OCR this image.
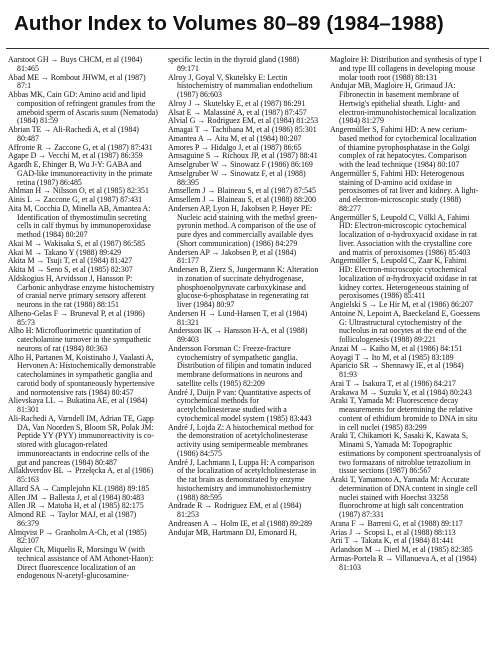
Author Index to Volumes 80–89 (1984–1988)

Aarstoot GH → Buys CHCM, et al (1984) 81:465

Abad ME → Rombout JHWM, et al (1987) 87:1

Abbas MK, Cain GD: Amino acid and lipid composition of refringent granules from the ameboid sperm of Ascaris suum (Nematoda) (1984) 81:59

Abrian TE → Ali-Rachedi A, et al (1984) 80:487

Affronte R → Zaccone G, et al (1987) 87:431

Agape D → Vecchi M, et al (1987) 86:359

Agardh E, Ehinger B, Wu J-Y: GABA and GAD-like immunoreactivity in the primate retina (1987) 86:485

Ahlman H → Nilsson O, et al (1985) 82:351

Ainis L → Zaccone G, et al (1987) 87:431

Aita M, Cocchia D, Minella AB, Amantea A: Identification of thymostimulin secreting cells in calf thymus by immunoperoxidase method (1984) 80:207

Akai M → Wakisaka S, et al (1987) 86:585

Akai M → Takano Y (1988) 89:429

Akita M → Tsuji T, et al (1984) 81:427

Akita M → Seno S, et al (1985) 82:307

Aldskogius H, Arvidsson J, Hansson P: Carbonic anhydrase enzyme histochemistry of cranial nerve primary sensory afferent neurons in the rat (1988) 88:151

Alheno-Gelas F → Bruneval P, et al (1986) 85:73

Alho H: Microfluorimetric quantitation of catecholamine turnover in the sympathetic neurons of rat (1984) 80:363

Alho H, Partanen M, Koistinaho J, Vaalasti A, Hervonen A: Histochemically demonstrable catecholamines in sympathetic ganglia and carotid body of spontaneously hypertensive and normotensive rats (1984) 80:457

Alievskaya LL → Bukatina AE, et al (1984) 81:301

Ali-Rachedi A, Varndell IM, Adrian TE, Gapp DA, Van Noorden S, Bloom SR, Polak JM: Peptide YY (PYY) immunoreactivity is co-stored with glucagon-related immunoreactants in endocrine cells of the gut and pancreas (1984) 80:487

Allakhverdov BL → Przełęcka A, et al (1986) 85:163

Allard SA → Camplejohn KL (1988) 89:185

Allen JM → Ballesta J, et al (1984) 80:483

Allen JR → Matoba H, et al (1985) 82:175

Almond RE → Taylor MAJ, et al (1987) 86:379

Almqvist P → Granholm A-Ch, et al (1985) 82:107

Alquier Ch, Miquelis R, Morsingu W (with technical assistance of AM Athonet-Haon): Direct fluorescence localization of an endogenous N-acetyl-glucosamine-

specific lectin in the thyroid gland (1988) 89:171

Alroy J, Goyal V, Skutelsky E: Lectin histochemistry of mammalian endothelium (1987) 86:603

Alroy J → Skutelsky E, et al (1987) 86:291

Alsat E → Malassiné A, et al (1987) 87:457

Alvial G → Rodriguez EM, et al (1984) 81:253

Amagai T → Tachibana M, et al (1986) 85:301

Amantea A → Aita M, et al (1984) 80:207

Amores P → Hidalgo J, et al (1987) 86:65

Amsaguine S → Richoux JP, et al (1987) 88:41

Amselgruber W → Sinowatz F (1986) 86:169

Amselgruber W → Sinowatz F, et al (1988) 88:395

Amsellem J → Blaineau S, et al (1987) 87:545

Amsellem J → Blaineau S, et al (1988) 88:200

Andersen AP, Lyon H, Jakobsen P, Høyer PE: Nucleic acid staining with the methyl green-pyronin method. A comparison of the use of pure dyes and commercially available dyes (Short communication) (1986) 84:279

Andersen AP → Jakobsen P, et al (1984) 81:177

Andersen B, Zierz S, Jungermann K: Alteration in zonation of succinate dehydrogenase, phosphoenolpyruvate carboxykinase and glucose-6-phosphatase in regenerating rat liver (1984) 80:97

Andersen H → Lund-Hansen T, et al (1984) 81:321

Andersson IK → Hansson H-A, et al (1988) 89:403

Andersson Forsman C: Freeze-fracture cytochemistry of sympathetic ganglia. Distribution of filipin and tomatin induced membrane deformations in neurons and satellite cells (1985) 82:209

André J, Duijn P van: Quantitative aspects of cytochemical methods for acetylcholinesterase studied with a cytochemical model system (1985) 83:443

André J, Lojda Z: A histochemical method for the demonstration of acetylcholinesterase activity using semipermeable membranes (1986) 84:575

André J, Lachmann I, Luppa H: A comparison of the localization of acetylcholinesterase in the rat brain as demonstrated by enzyme histochemistry and immunohistochemistry (1988) 88:595

Andrade R → Rodriguez EM, et al (1984) 81:253

Andreasen A → Holm IE, et al (1988) 89:289

Andujar MB, Hartmann DJ, Emonard H,

Magloire H: Distribution and synthesis of type I and type III collagens in developing mouse molar tooth root (1988) 88:131

Andujar MB, Magloire H, Grimaud JA: Fibronectin in basement membrane of Hertwig's epithelial sheath. Light- and electron-immunohistochemical localization (1984) 81:279

Angermüller S, Fahimi HD: A new cerium-based method for cytochemical localization of thiamine pyrophosphatase in the Golgi complex of rat hepatocytes. Comparison with the lead technique (1984) 80:107

Angermüller S, Fahimi HD: Heterogenous staining of D-amino acid oxidase in peroxisomes of rat liver and kidney. A light- and electron-microscopic study (1988) 88:277

Angermüller S, Leupold C, Völkl A, Fahimi HD: Electron-microscopic cytochemical localization of α-hydroxyacid oxidase in rat liver. Association with the crystalline core and matrix of peroxisomes (1986) 85:403

Angermüller S, Leupold C, Zaar K, Fahimi HD: Electron-microscopic cytochemical localization of α-hydroxyacid oxidase in rat kidney cortex. Heterogeneous staining of peroxisomes (1986) 85:411

Angielski S → Le Hir M, et al (1986) 86:207

Antoine N, Lepoint A, Baeckeland E, Goessens G: Ultrastructural cytochemistry of the nucleolus in rat oocytes at the end of the folliculogenesis (1988) 89:221

Anzai M → Kaiho M, et al (1986) 84:151

Aoyagi T → Ito M, et al (1985) 83:189

Aparicio SR → Shennawy IE, et al (1984) 81:93

Arai T → Isakura T, et al (1986) 84:217

Arakawa M → Suzuki Y, et al (1984) 80:243

Araki T, Yamada M: Fluorescence decay measurements for determining the relative content of ethidium bromide to DNA in situ in cell nuclei (1985) 83:299

Araki T, Chikamori K, Sasaki K, Kawata S, Minami S, Yamada M: Topographic estimations by component spectroanalysis of two formazans of nitroblue tetrazolium in tissue sections (1987) 86:567

Araki T, Yamamoto A, Yamada M: Accurate determination of DNA content in single cell nuclei stained with Hoechst 33258 fluorochrome at high salt concentration (1987) 87:331

Arana F → Barreni G, et al (1988) 89:117

Arias J → Scopsi L, et al (1988) 88:113

Arii T → Takata K, et al (1984) 81:441

Arlandson M → Dietl M, et al (1985) 82:385

Armas-Portela R → Villanueva A, et al (1984) 81:103
